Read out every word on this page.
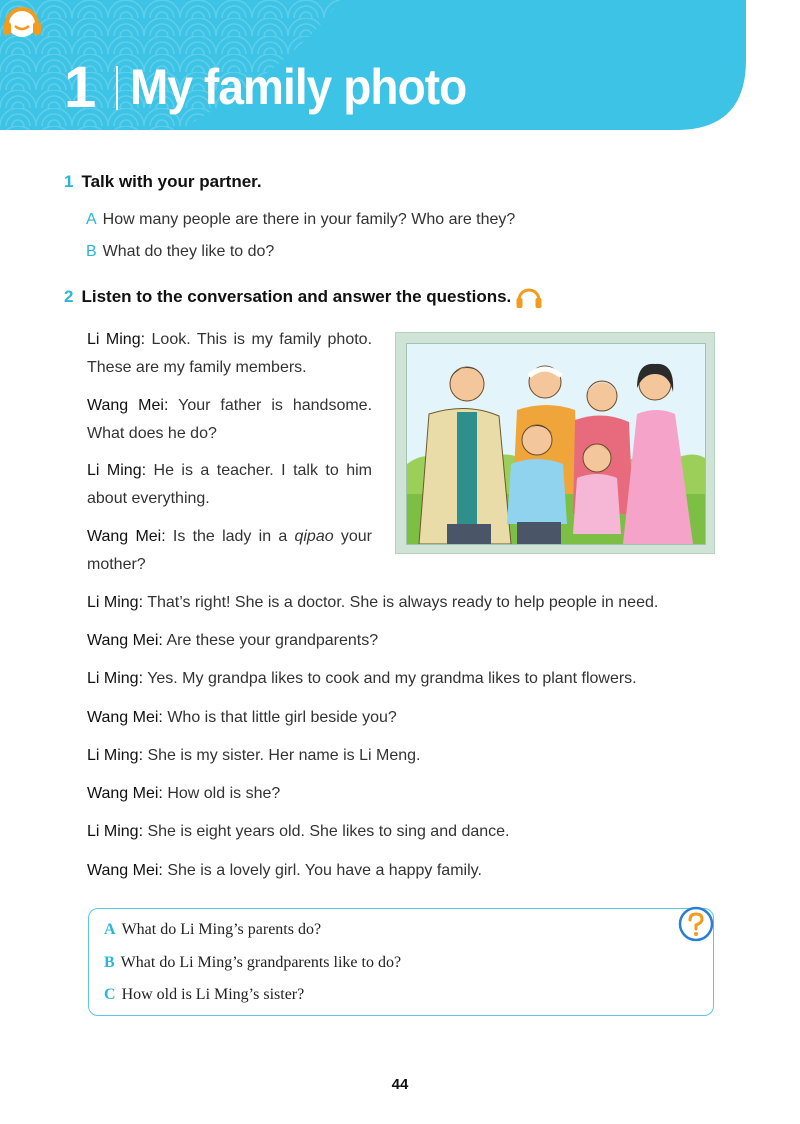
1 My family photo
1 Talk with your partner.
A How many people are there in your family? Who are they?
B What do they like to do?
2 Listen to the conversation and answer the questions.
Li Ming: Look. This is my family photo. These are my family members.
Wang Mei: Your father is handsome. What does he do?
Li Ming: He is a teacher. I talk to him about everything.
Wang Mei: Is the lady in a qipao your mother?
Li Ming: That’s right! She is a doctor. She is always ready to help people in need.
Wang Mei: Are these your grandparents?
Li Ming: Yes. My grandpa likes to cook and my grandma likes to plant flowers.
Wang Mei: Who is that little girl beside you?
Li Ming: She is my sister. Her name is Li Meng.
Wang Mei: How old is she?
Li Ming: She is eight years old. She likes to sing and dance.
Wang Mei: She is a lovely girl. You have a happy family.
A What do Li Ming’s parents do?
B What do Li Ming’s grandparents like to do?
C How old is Li Ming’s sister?
44
